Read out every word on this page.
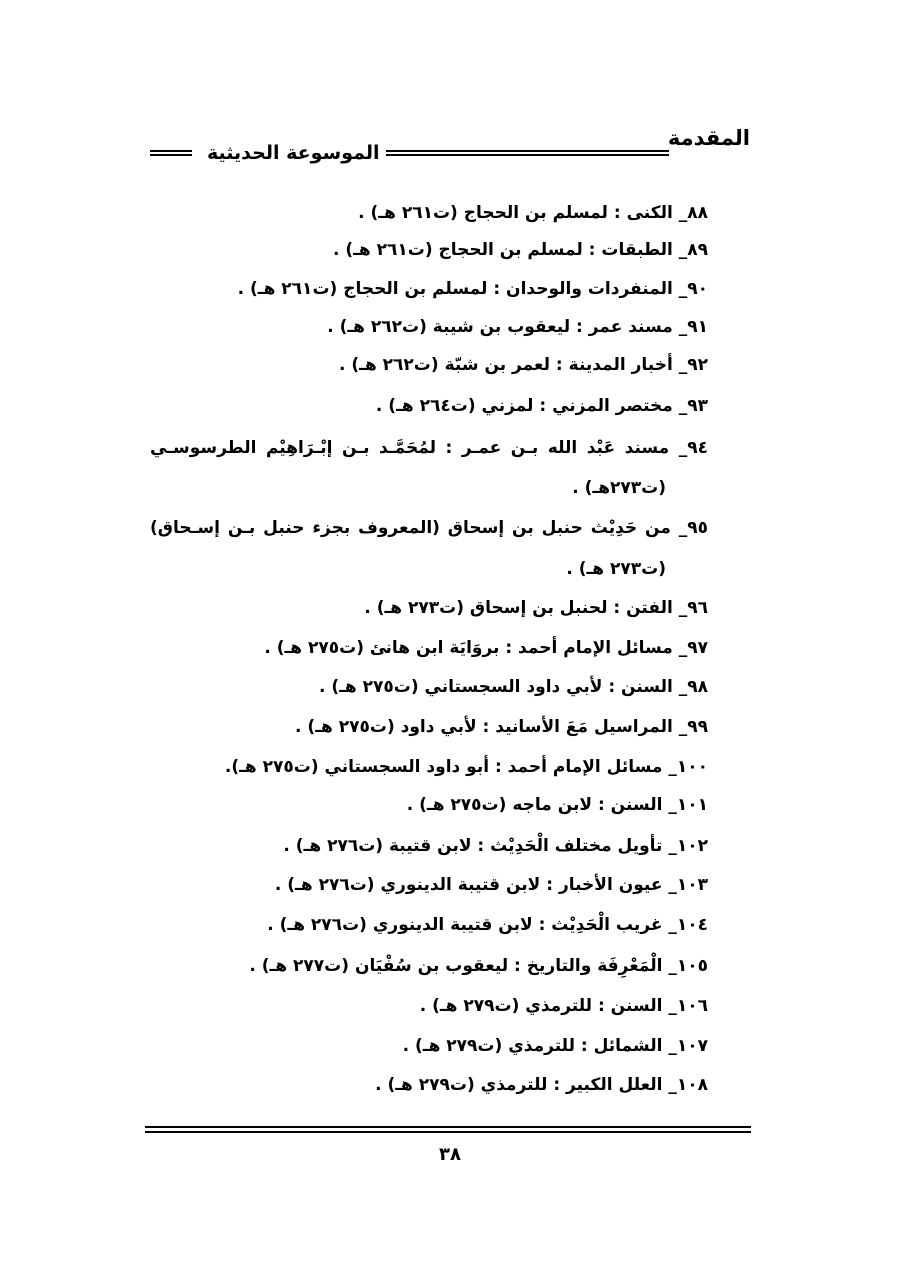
المقدمة
الموسوعة الحديثية
٨٨_ الكنى : لمسلم بن الحجاج (ت٢٦١ هـ) .
٨٩_ الطبقات : لمسلم بن الحجاج (ت٢٦١ هـ) .
٩٠_ المنفردات والوحدان : لمسلم بن الحجاج (ت٢٦١ هـ) .
٩١_ مسند عمر : ليعقوب بن شيبة (ت٢٦٢ هـ) .
٩٢_ أخبار المدينة : لعمر بن شبّة (ت٢٦٢ هـ) .
٩٣_ مختصر المزني : لمزني (ت٢٦٤ هـ) .
٩٤_ مسند عَبْد الله بـن عمـر : لمُحَمَّـد بـن إبْـرَاهِيْم الطرسوسـي
(ت٢٧٣هـ) .
٩٥_ من حَدِيْث حنبل بن إسحاق (المعروف بجزء حنبل بـن إسـحاق)
(ت٢٧٣ هـ) .
٩٦_ الفتن : لحنبل بن إسحاق (ت٢٧٣ هـ) .
٩٧_ مسائل الإمام أحمد : بروَايَة ابن هانئ (ت٢٧٥ هـ) .
٩٨_ السنن : لأبي داود السجستاني (ت٢٧٥ هـ) .
٩٩_ المراسيل مَعَ الأسانيد : لأبي داود (ت٢٧٥ هـ) .
١٠٠_ مسائل الإمام أحمد : أبو داود السجستاني (ت٢٧٥ هـ).
١٠١_ السنن : لابن ماجه (ت٢٧٥ هـ) .
١٠٢_ تأويل مختلف الْحَدِيْث : لابن قتيبة (ت٢٧٦ هـ) .
١٠٣_ عيون الأخبار : لابن قتيبة الدينوري (ت٢٧٦ هـ) .
١٠٤_ غريب الْحَدِيْث : لابن قتيبة الدينوري (ت٢٧٦ هـ) .
١٠٥_ الْمَعْرِفَة والتاريخ : ليعقوب بن سُفْيَان (ت٢٧٧ هـ) .
١٠٦_ السنن : للترمذي (ت٢٧٩ هـ) .
١٠٧_ الشمائل : للترمذي (ت٢٧٩ هـ) .
١٠٨_ العلل الكبير : للترمذي (ت٢٧٩ هـ) .
٣٨
